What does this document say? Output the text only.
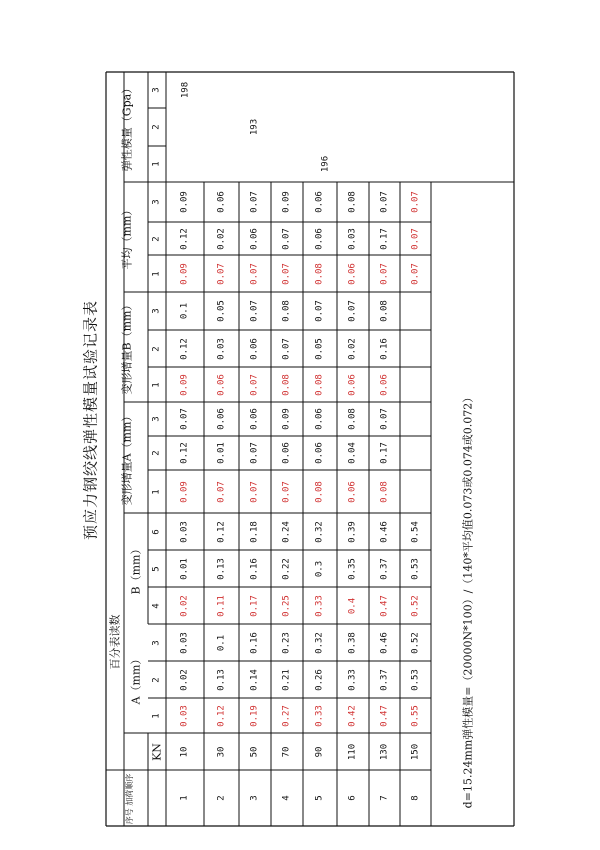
预应力钢绞线弹性模量试验记录表
百分表读数
变形增量A（mm）
变形增量B（mm）
平均（mm）
弹性模量（Gpa）
A（mm）
B（mm）
序号 加荷顺序
KN
1
2
3
4
5
6
1
2
3
1
2
3
1
2
3
1
2
3
1
10
0.03
0.02
0.03
0.02
0.01
0.03
0.09
0.12
0.07
0.09
0.12
0.1
0.09
0.12
0.09
2
30
0.12
0.13
0.1
0.11
0.13
0.12
0.07
0.01
0.06
0.06
0.03
0.05
0.07
0.02
0.06
3
50
0.19
0.14
0.16
0.17
0.16
0.18
0.07
0.07
0.06
0.07
0.06
0.07
0.07
0.06
0.07
4
70
0.27
0.21
0.23
0.25
0.22
0.24
0.07
0.06
0.09
0.08
0.07
0.08
0.07
0.07
0.09
5
90
0.33
0.26
0.32
0.33
0.3
0.32
0.08
0.06
0.06
0.08
0.05
0.07
0.08
0.06
0.06
6
110
0.42
0.33
0.38
0.4
0.35
0.39
0.06
0.04
0.08
0.06
0.02
0.07
0.06
0.03
0.08
7
130
0.47
0.37
0.46
0.47
0.37
0.46
0.08
0.17
0.07
0.06
0.16
0.08
0.07
0.17
0.07
8
150
0.55
0.53
0.52
0.52
0.53
0.54
0.07
0.07
0.07
196
193
198
d=15.24mm弹性模量=（20000N*100）/（140*平均值0.073或0.074或0.072）
